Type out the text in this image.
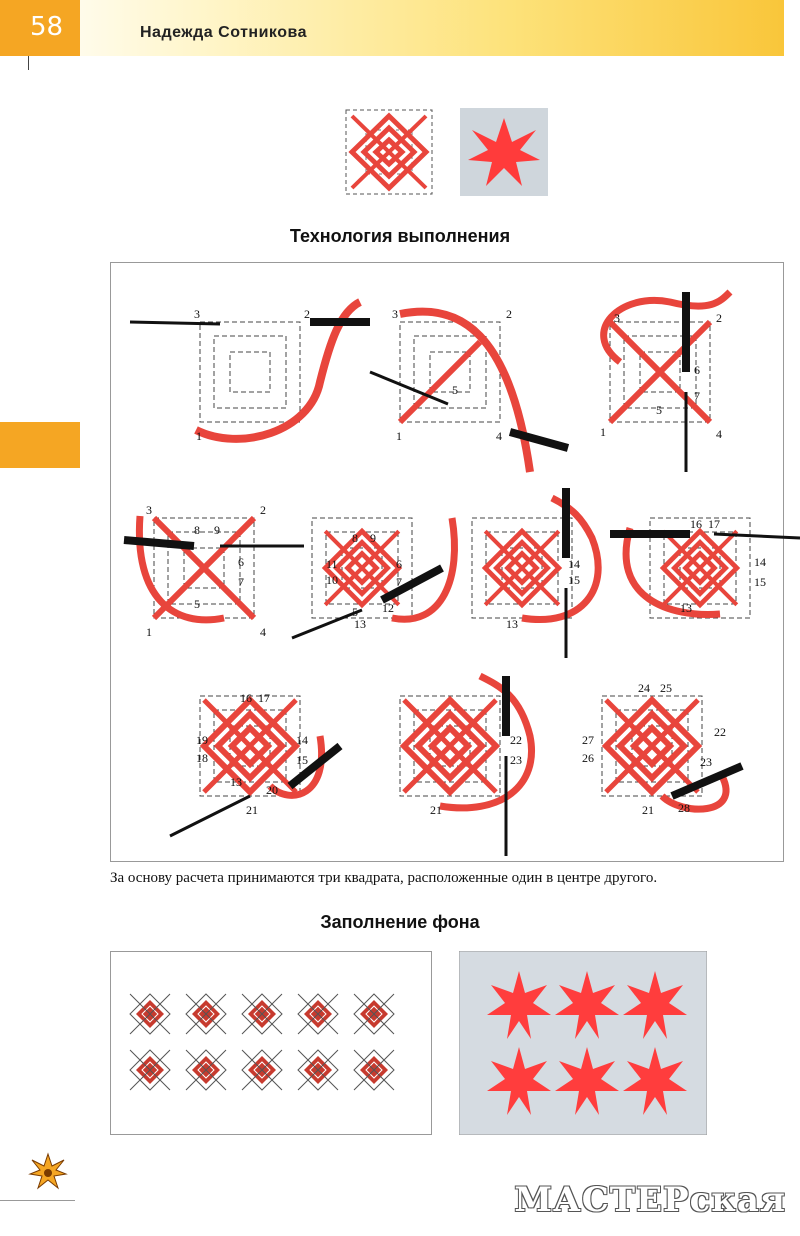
58	Надежда Сотникова
Технология выполнения
1
2
3
1
2
3
4
5
1
2
3
4
5
6
7
1
2
3
4
5
6
7
8 9
5
6
7
8 9
10
11
12
13	13
14
15
13
14
15
16 17
13
14
15
16 17
18
19
20
21	21
22
23
21
22
23
24 25
26
27
28
За основу расчета принимаются три квадрата, расположенные один в центре другого.
Заполнение фона
МАСТЕРская
